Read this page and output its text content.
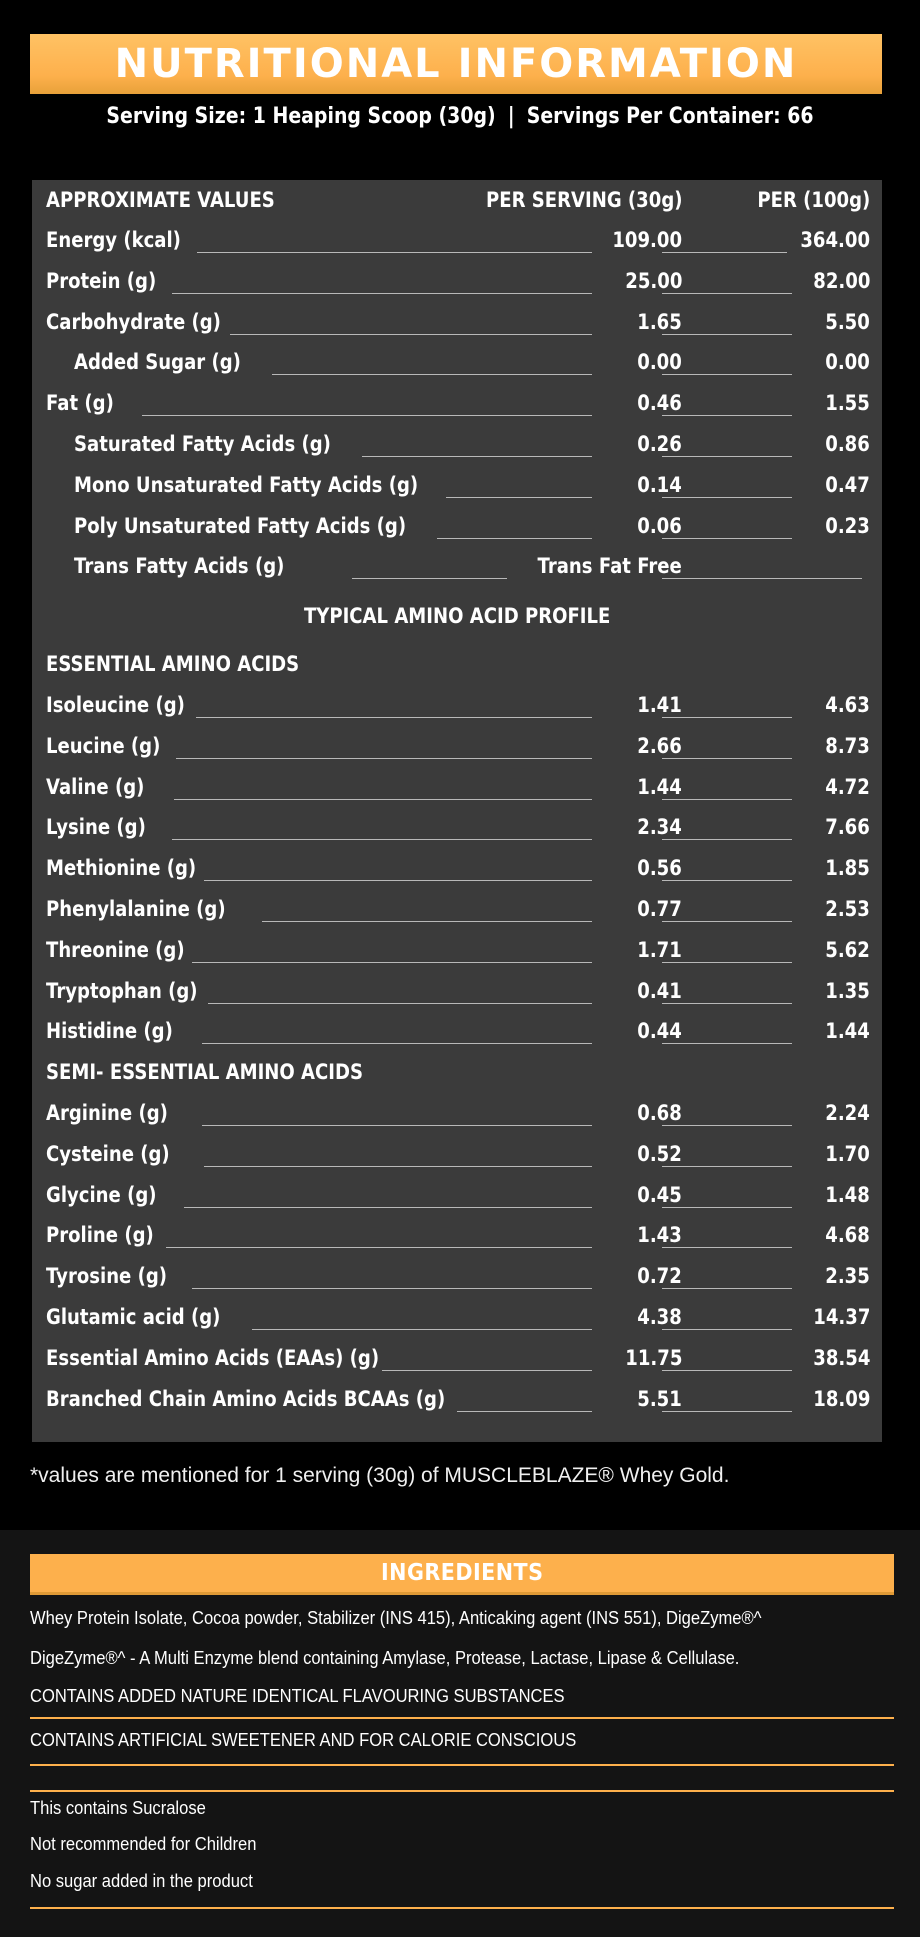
NUTRITIONAL INFORMATION
Serving Size: 1 Heaping Scoop (30g) | Servings Per Container: 66
APPROXIMATE VALUES	PER SERVING (30g)	PER (100g)
Energy (kcal)	109.00	364.00
Protein (g)	25.00	82.00
Carbohydrate (g)	1.65	5.50
Added Sugar (g)	0.00	0.00
Fat (g)	0.46	1.55
Saturated Fatty Acids (g)	0.26	0.86
Mono Unsaturated Fatty Acids (g)	0.14	0.47
Poly Unsaturated Fatty Acids (g)	0.06	0.23
Trans Fatty Acids (g)	Trans Fat Free
TYPICAL AMINO ACID PROFILE
ESSENTIAL AMINO ACIDS
Isoleucine (g)	1.41	4.63
Leucine (g)	2.66	8.73
Valine (g)	1.44	4.72
Lysine (g)	2.34	7.66
Methionine (g)	0.56	1.85
Phenylalanine (g)	0.77	2.53
Threonine (g)	1.71	5.62
Tryptophan (g)	0.41	1.35
Histidine (g)	0.44	1.44
SEMI- ESSENTIAL AMINO ACIDS
Arginine (g)	0.68	2.24
Cysteine (g)	0.52	1.70
Glycine (g)	0.45	1.48
Proline (g)	1.43	4.68
Tyrosine (g)	0.72	2.35
Glutamic acid (g)	4.38	14.37
Essential Amino Acids (EAAs) (g)	11.75	38.54
Branched Chain Amino Acids BCAAs (g)	5.51	18.09
*values are mentioned for 1 serving (30g) of MUSCLEBLAZE® Whey Gold.
INGREDIENTS
Whey Protein Isolate, Cocoa powder, Stabilizer (INS 415), Anticaking agent (INS 551), DigeZyme®^
DigeZyme®^ - A Multi Enzyme blend containing Amylase, Protease, Lactase, Lipase & Cellulase.
CONTAINS ADDED NATURE IDENTICAL FLAVOURING SUBSTANCES
CONTAINS ARTIFICIAL SWEETENER AND FOR CALORIE CONSCIOUS
This contains Sucralose
Not recommended for Children
No sugar added in the product
